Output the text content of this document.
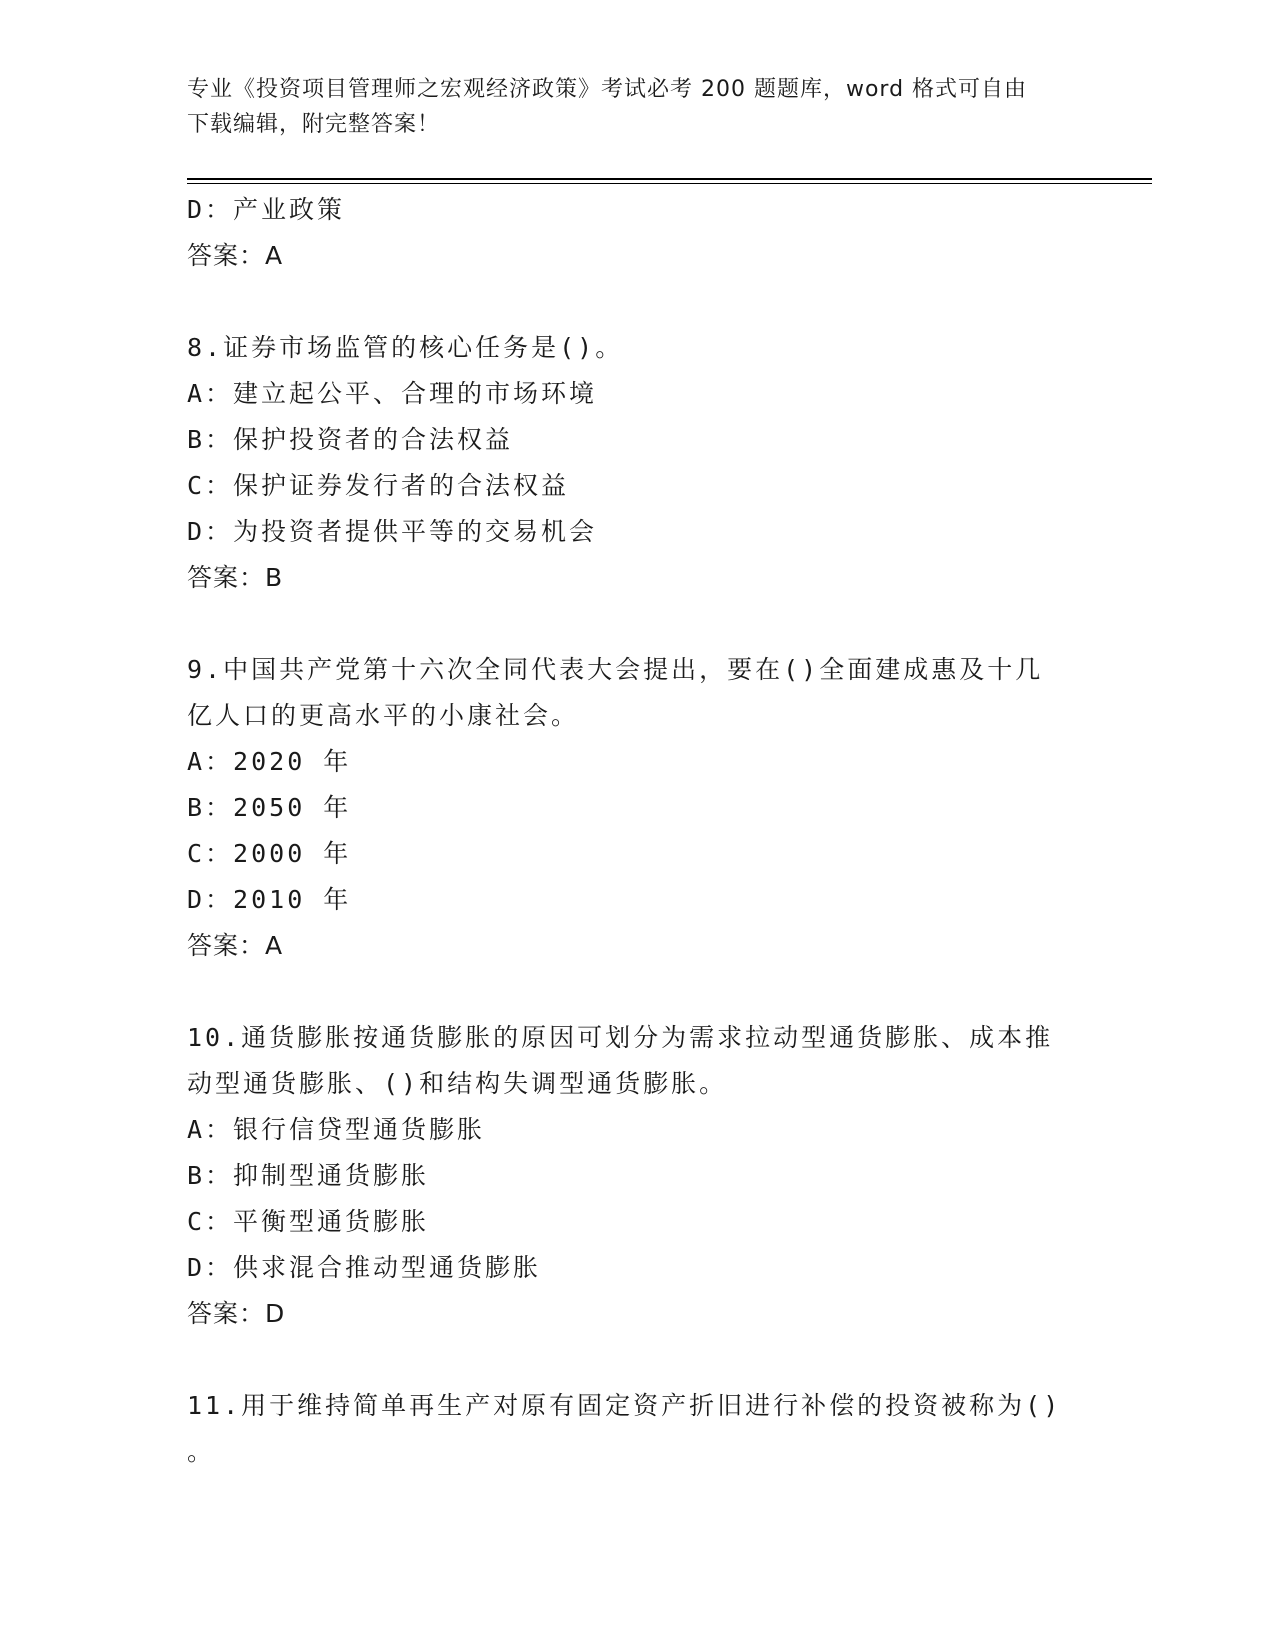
专业《投资项目管理师之宏观经济政策》考试必考 200 题题库，word 格式可自由
下载编辑，附完整答案！
D：产业政策
答案：A
8.证券市场监管的核心任务是()。
A：建立起公平、合理的市场环境
B：保护投资者的合法权益
C：保护证券发行者的合法权益
D：为投资者提供平等的交易机会
答案：B
9.中国共产党第十六次全同代表大会提出，要在()全面建成惠及十几
亿人口的更高水平的小康社会。
A：2020 年
B：2050 年
C：2000 年
D：2010 年
答案：A
10.通货膨胀按通货膨胀的原因可划分为需求拉动型通货膨胀、成本推
动型通货膨胀、()和结构失调型通货膨胀。
A：银行信贷型通货膨胀
B：抑制型通货膨胀
C：平衡型通货膨胀
D：供求混合推动型通货膨胀
答案：D
11.用于维持简单再生产对原有固定资产折旧进行补偿的投资被称为()
。
